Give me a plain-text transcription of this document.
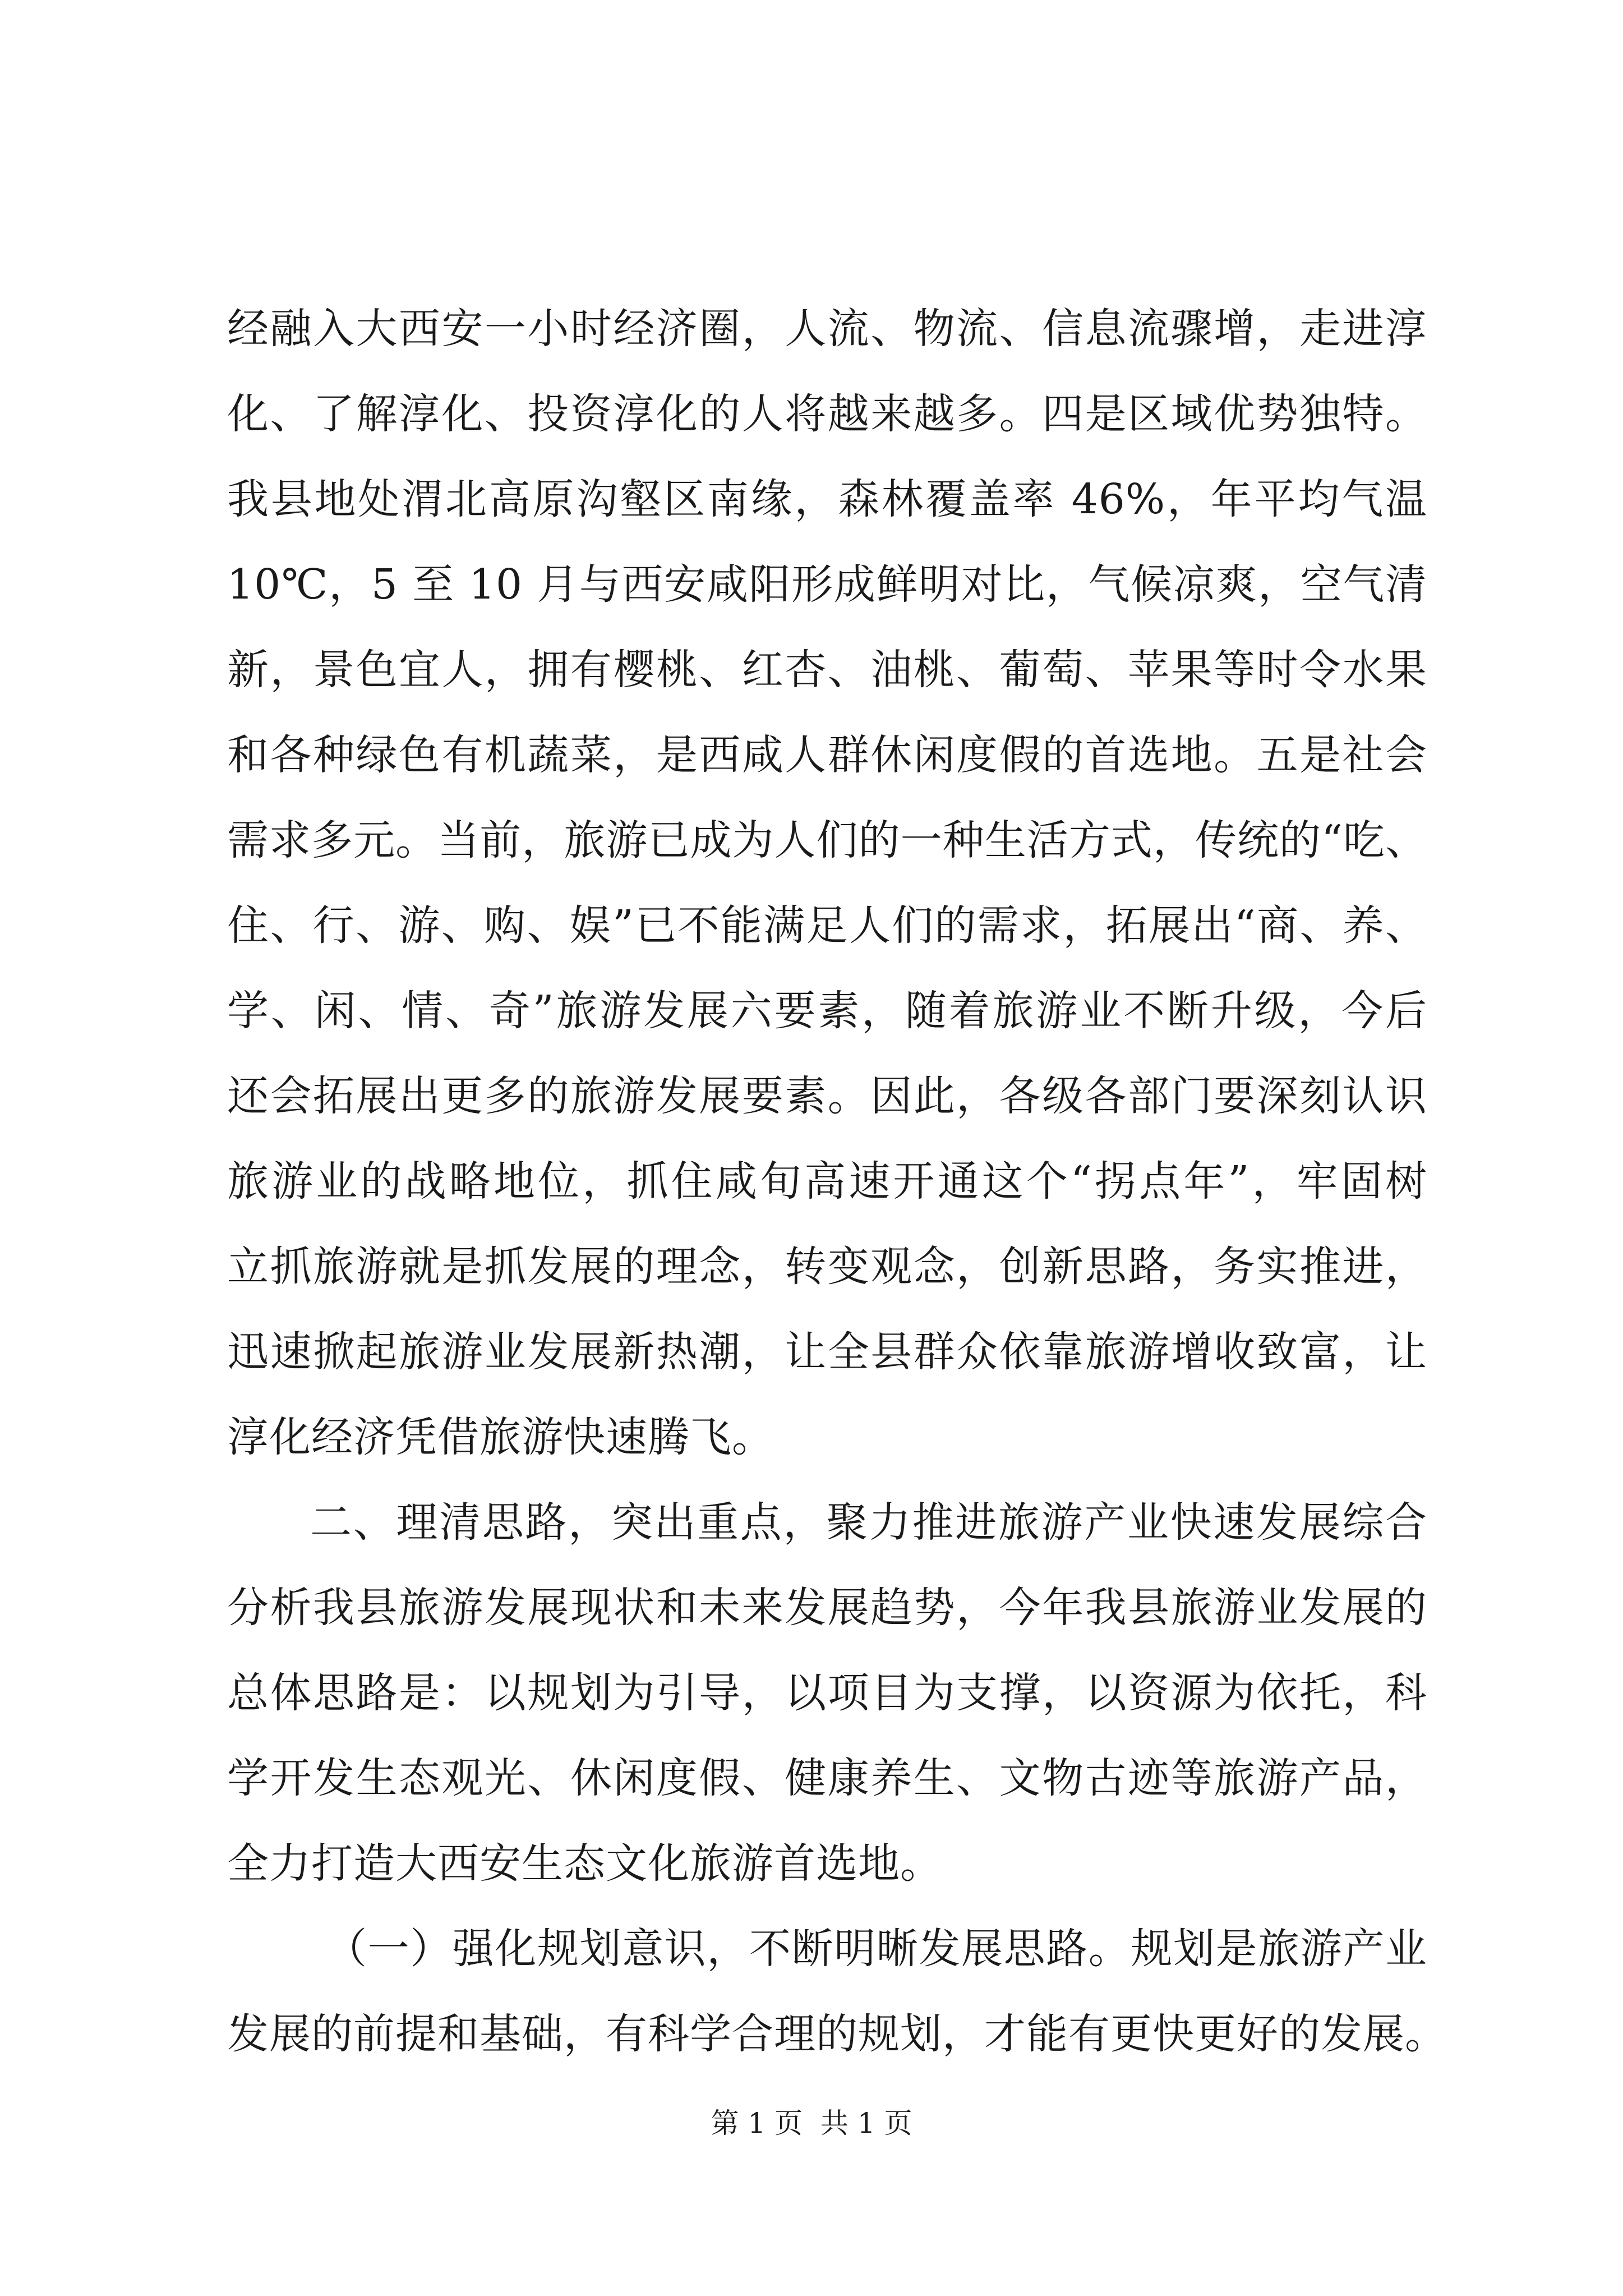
经融入大西安一小时经济圈，人流、物流、信息流骤增，走进淳
化、了解淳化、投资淳化的人将越来越多。四是区域优势独特。
我县地处渭北高原沟壑区南缘，森林覆盖率 46%，年平均气温
10℃，5 至 10 月与西安咸阳形成鲜明对比，气候凉爽，空气清
新，景色宜人，拥有樱桃、红杏、油桃、葡萄、苹果等时令水果
和各种绿色有机蔬菜，是西咸人群休闲度假的首选地。五是社会
需求多元。当前，旅游已成为人们的一种生活方式，传统的“吃、
住、行、游、购、娱”已不能满足人们的需求，拓展出“商、养、
学、闲、情、奇”旅游发展六要素，随着旅游业不断升级，今后
还会拓展出更多的旅游发展要素。因此，各级各部门要深刻认识
旅游业的战略地位，抓住咸旬高速开通这个“拐点年”，牢固树
立抓旅游就是抓发展的理念，转变观念，创新思路，务实推进，
迅速掀起旅游业发展新热潮，让全县群众依靠旅游增收致富，让
淳化经济凭借旅游快速腾飞。
二、理清思路，突出重点，聚力推进旅游产业快速发展综合
分析我县旅游发展现状和未来发展趋势，今年我县旅游业发展的
总体思路是：以规划为引导，以项目为支撑，以资源为依托，科
学开发生态观光、休闲度假、健康养生、文物古迹等旅游产品，
全力打造大西安生态文化旅游首选地。
（一）强化规划意识，不断明晰发展思路。规划是旅游产业
发展的前提和基础，有科学合理的规划，才能有更快更好的发展。
第 1 页  共 1 页
